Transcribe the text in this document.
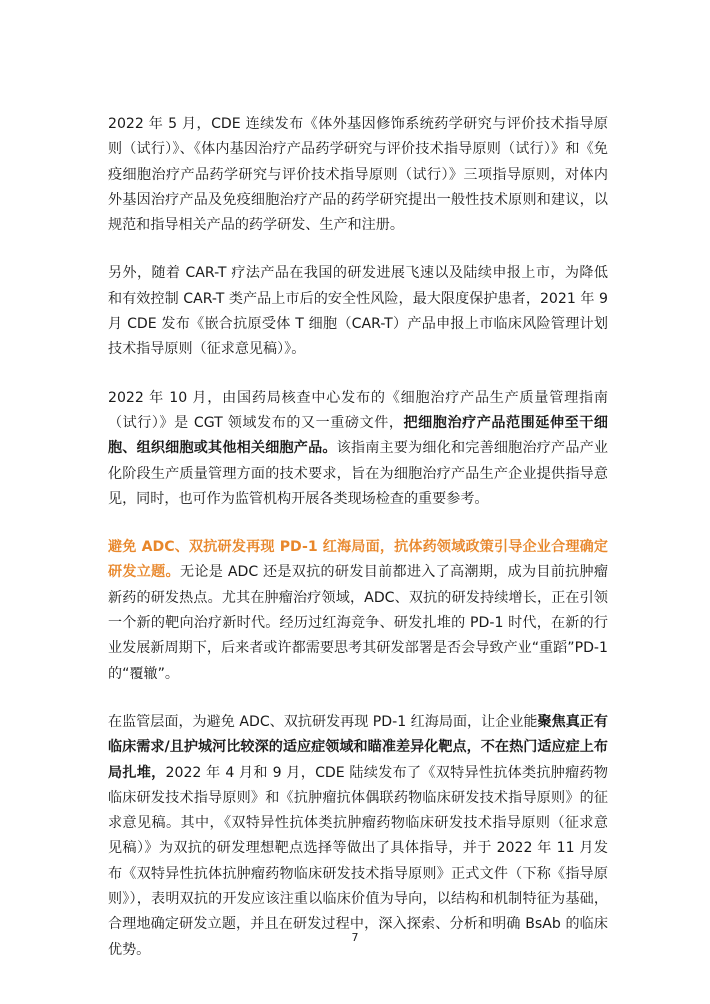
2022 年 5 月，CDE 连续发布《体外基因修饰系统药学研究与评价技术指导原则（试行）》、《体内基因治疗产品药学研究与评价技术指导原则（试行）》和《免疫细胞治疗产品药学研究与评价技术指导原则（试行）》三项指导原则，对体内外基因治疗产品及免疫细胞治疗产品的药学研究提出一般性技术原则和建议，以规范和指导相关产品的药学研发、生产和注册。

另外，随着 CAR-T 疗法产品在我国的研发进展飞速以及陆续申报上市，为降低和有效控制 CAR-T 类产品上市后的安全性风险，最大限度保护患者，2021 年 9 月 CDE 发布《嵌合抗原受体 T 细胞（CAR-T）产品申报上市临床风险管理计划技术指导原则（征求意见稿）》。

2022 年 10 月，由国药局核查中心发布的《细胞治疗产品生产质量管理指南（试行）》是 CGT 领域发布的又一重磅文件，把细胞治疗产品范围延伸至干细胞、组织细胞或其他相关细胞产品。该指南主要为细化和完善细胞治疗产品产业化阶段生产质量管理方面的技术要求，旨在为细胞治疗产品生产企业提供指导意见，同时，也可作为监管机构开展各类现场检查的重要参考。

避免 ADC、双抗研发再现 PD-1 红海局面，抗体药领域政策引导企业合理确定研发立题。无论是 ADC 还是双抗的研发目前都进入了高潮期，成为目前抗肿瘤新药的研发热点。尤其在肿瘤治疗领域，ADC、双抗的研发持续增长，正在引领一个新的靶向治疗新时代。经历过红海竞争、研发扎堆的 PD-1 时代，在新的行业发展新周期下，后来者或许都需要思考其研发部署是否会导致产业“重蹈”PD-1 的“覆辙”。

在监管层面，为避免 ADC、双抗研发再现 PD-1 红海局面，让企业能聚焦真正有临床需求/且护城河比较深的适应症领域和瞄准差异化靶点，不在热门适应症上布局扎堆，2022 年 4 月和 9 月，CDE 陆续发布了《双特异性抗体类抗肿瘤药物临床研发技术指导原则》和《抗肿瘤抗体偶联药物临床研发技术指导原则》的征求意见稿。其中，《双特异性抗体类抗肿瘤药物临床研发技术指导原则（征求意见稿）》为双抗的研发理想靶点选择等做出了具体指导，并于 2022 年 11 月发布《双特异性抗体抗肿瘤药物临床研发技术指导原则》正式文件（下称《指导原则》），表明双抗的开发应该注重以临床价值为导向，以结构和机制特征为基础，合理地确定研发立题，并且在研发过程中，深入探索、分析和明确 BsAb 的临床优势。

7
